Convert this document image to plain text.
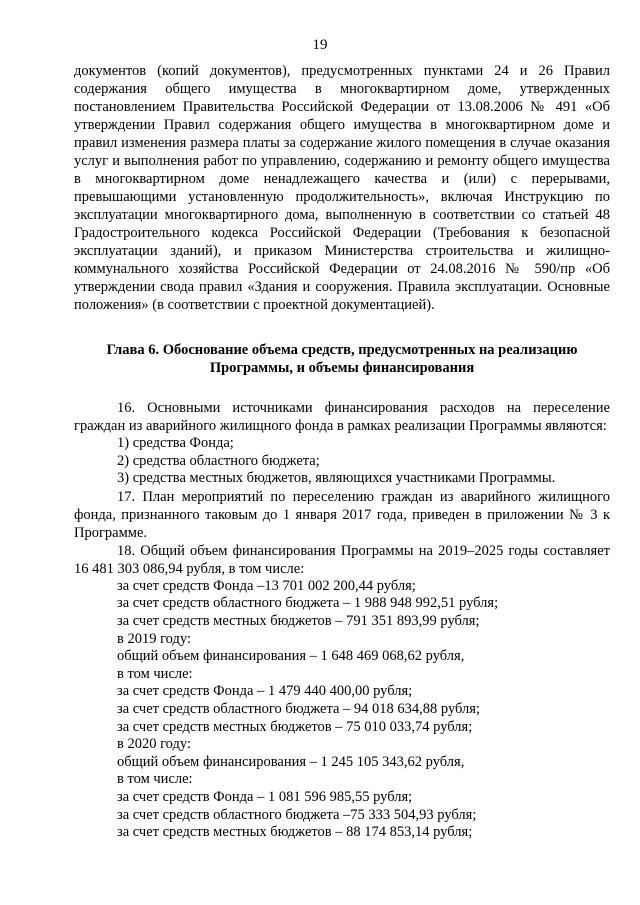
19

документов (копий документов), предусмотренных пунктами 24 и 26 Правил содержания общего имущества в многоквартирном доме, утвержденных постановлением Правительства Российской Федерации от 13.08.2006 № 491 «Об утверждении Правил содержания общего имущества в многоквартирном доме и правил изменения размера платы за содержание жилого помещения в случае оказания услуг и выполнения работ по управлению, содержанию и ремонту общего имущества в многоквартирном доме ненадлежащего качества и (или) с перерывами, превышающими установленную продолжительность», включая Инструкцию по эксплуатации многоквартирного дома, выполненную в соответствии со статьей 48 Градостроительного кодекса Российской Федерации (Требования к безопасной эксплуатации зданий), и приказом Министерства строительства и жилищно-коммунального хозяйства Российской Федерации от 24.08.2016 № 590/пр «Об утверждении свода правил «Здания и сооружения. Правила эксплуатации. Основные положения» (в соответствии с проектной документацией).

Глава 6. Обоснование объема средств, предусмотренных на реализацию
Программы, и объемы финансирования

16. Основными источниками финансирования расходов на переселение граждан из аварийного жилищного фонда в рамках реализации Программы являются:

1) средства Фонда;

2) средства областного бюджета;

3) средства местных бюджетов, являющихся участниками Программы.

17. План мероприятий по переселению граждан из аварийного жилищного фонда, признанного таковым до 1 января 2017 года, приведен в приложении № 3 к Программе.

18. Общий объем финансирования Программы на 2019–2025 годы составляет 16 481 303 086,94 рубля, в том числе:

за счет средств Фонда –13 701 002 200,44 рубля;

за счет средств областного бюджета – 1 988 948 992,51 рубля;

за счет средств местных бюджетов – 791 351 893,99 рубля;

в 2019 году:

общий объем финансирования – 1 648 469 068,62 рубля,

в том числе:

за счет средств Фонда – 1 479 440 400,00 рубля;

за счет средств областного бюджета – 94 018 634,88 рубля;

за счет средств местных бюджетов – 75 010 033,74 рубля;

в 2020 году:

общий объем финансирования – 1 245 105 343,62 рубля,

в том числе:

за счет средств Фонда – 1 081 596 985,55 рубля;

за счет средств областного бюджета –75 333 504,93 рубля;

за счет средств местных бюджетов – 88 174 853,14 рубля;
